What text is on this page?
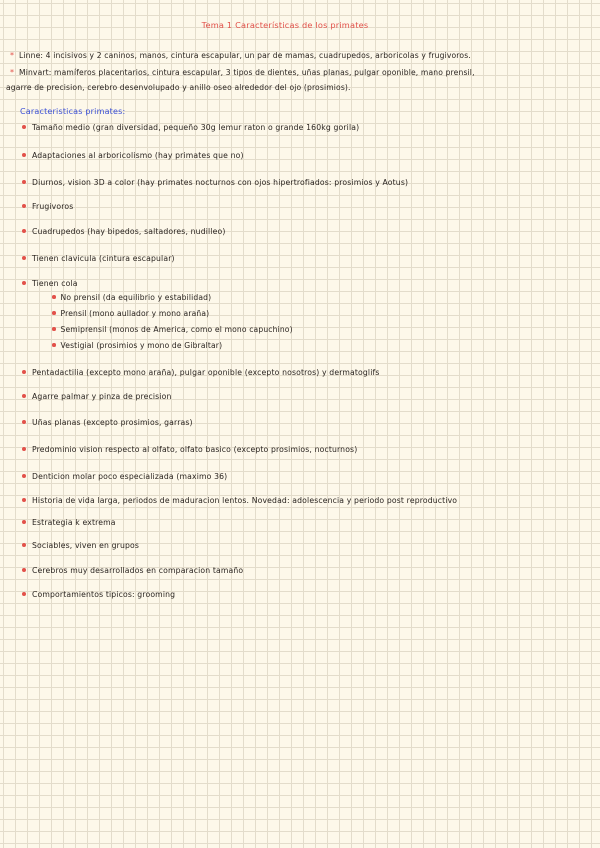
Tema 1 Características de los primates
* Linne: 4 incisivos y 2 caninos, manos, cintura escapular, un par de mamas, cuadrupedos, arboricolas y frugivoros.
* Minvart: mamíferos placentarios, cintura escapular, 3 tipos de dientes, uñas planas, pulgar oponible, mano prensil,
agarre de precision, cerebro desenvolupado y anillo oseo alrededor del ojo (prosimios).
Caracteristicas primates:
Tamaño medio (gran diversidad, pequeño 30g lemur raton o grande 160kg gorila)
Adaptaciones al arboricolismo (hay primates que no)
Diurnos, vision 3D a color (hay primates nocturnos con ojos hipertrofiados: prosimios y Aotus)
Frugivoros
Cuadrupedos (hay bipedos, saltadores, nudilleo)
Tienen clavicula (cintura escapular)
Tienen cola
No prensil (da equilibrio y estabilidad)
Prensil (mono aullador y mono araña)
Semiprensil (monos de America, como el mono capuchino)
Vestigial (prosimios y mono de Gibraltar)
Pentadactilia (excepto mono araña), pulgar oponible (excepto nosotros) y dermatoglifs
Agarre palmar y pinza de precision
Uñas planas (excepto prosimios, garras)
Predominio vision respecto al olfato, olfato basico (excepto prosimios, nocturnos)
Denticion molar poco especializada (maximo 36)
Historia de vida larga, periodos de maduracion lentos. Novedad: adolescencia y periodo post reproductivo
Estrategia k extrema
Sociables, viven en grupos
Cerebros muy desarrollados en comparacion tamaño
Comportamientos tipicos: grooming
